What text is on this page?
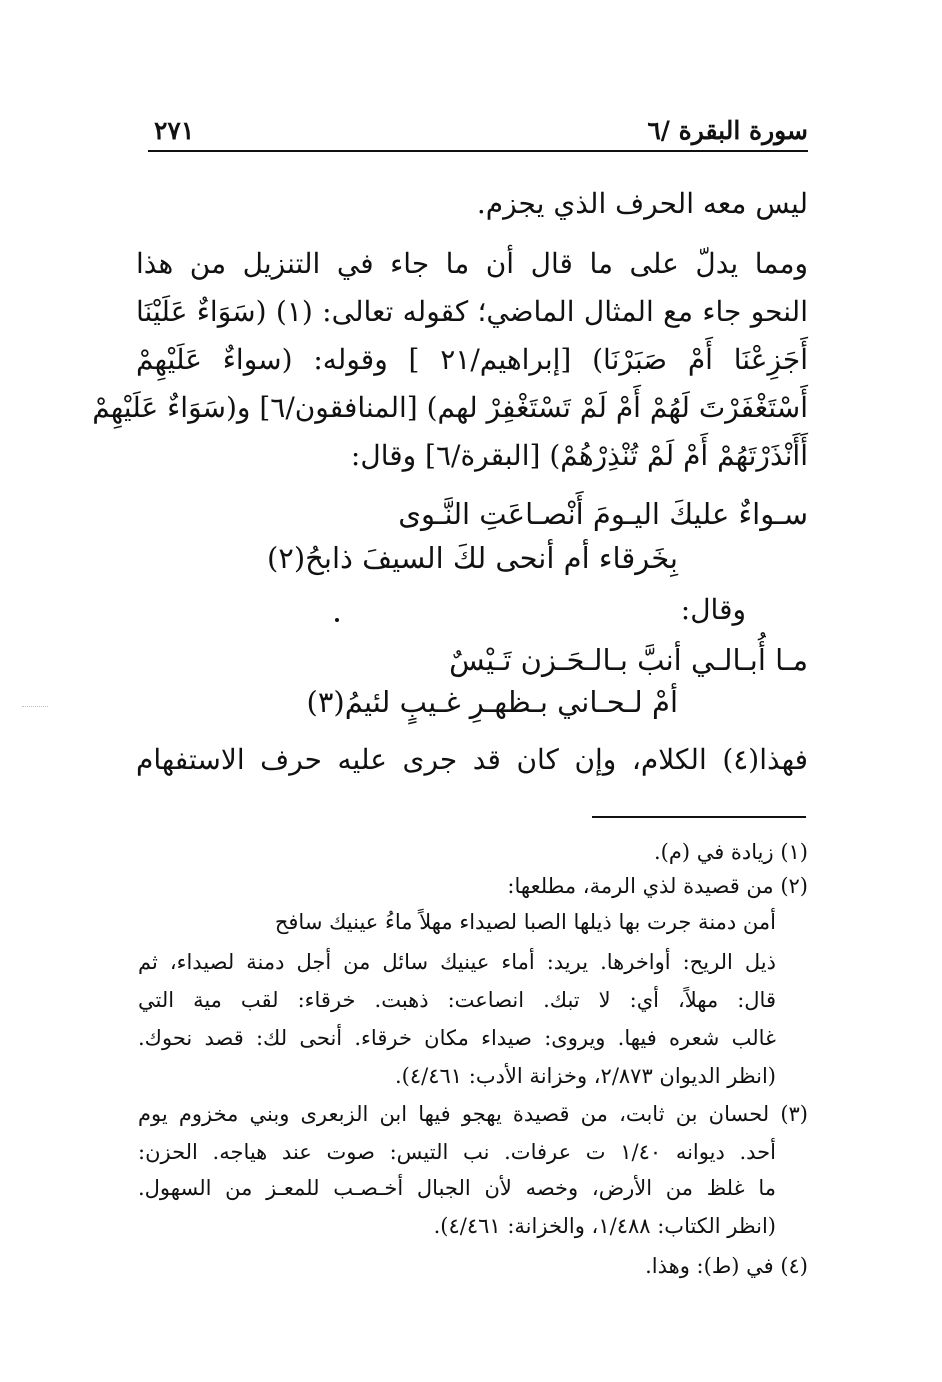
سورة البقرة /٦
٢٧١
ليس معه الحرف الذي يجزم.
ومما يدلّ على ما قال أن ما جاء في التنزيل من هذا
النحو جاء مع المثال الماضي؛ كقوله تعالى: (١) (سَوَاءٌ عَلَيْنَا
أَجَزِعْنَا أَمْ صَبَرْنَا) [إبراهيم/٢١ ] وقوله: (سواءٌ عَلَيْهِمْ
أَسْتَغْفَرْتَ لَهُمْ أَمْ لَمْ تَسْتَغْفِرْ لهم) [المنافقون/٦] و(سَوَاءٌ عَلَيْهِمْ
أَأَنْذَرْتَهُمْ أَمْ لَمْ تُنْذِرْهُمْ) [البقرة/٦] وقال:
سـواءٌ عليكَ اليـومَ أَنْصـاعَتِ النَّـوى
بِخَرقاء أم أنحى لكَ السيفَ ذابحُ(٢)
وقال:
مـا أُبـالـي أنبَّ بـالـحَـزن تَـيْسٌ
أمْ لـحـاني بـظهـرِ غـيبٍ لئيمُ(٣)
فهذا(٤) الكلام، وإن كان قد جرى عليه حرف الاستفهام
(١) زيادة في (م).
(٢) من قصيدة لذي الرمة، مطلعها:
أمن دمنة جرت بها ذيلها الصبا لصيداء مهلاً ماءُ عينيك سافح
ذيل الريح: أواخرها. يريد: أماء عينيك سائل من أجل دمنة لصيداء، ثم
قال: مهلاً، أي: لا تبك. انصاعت: ذهبت. خرقاء: لقب مية التي
غالب شعره فيها. ويروى: صيداء مكان خرقاء. أنحى لك: قصد نحوك.
(انظر الديوان ٢/٨٧٣، وخزانة الأدب: ٤/٤٦١).
(٣) لحسان بن ثابت، من قصيدة يهجو فيها ابن الزبعرى وبني مخزوم يوم
أحد. ديوانه ١/٤٠ ت عرفات. نب التيس: صوت عند هياجه. الحزن:
ما غلظ من الأرض، وخصه لأن الجبال أخـصـب للمعـز من السهول.
(انظر الكتاب: ١/٤٨٨، والخزانة: ٤/٤٦١).
(٤) في (ط): وهذا.
